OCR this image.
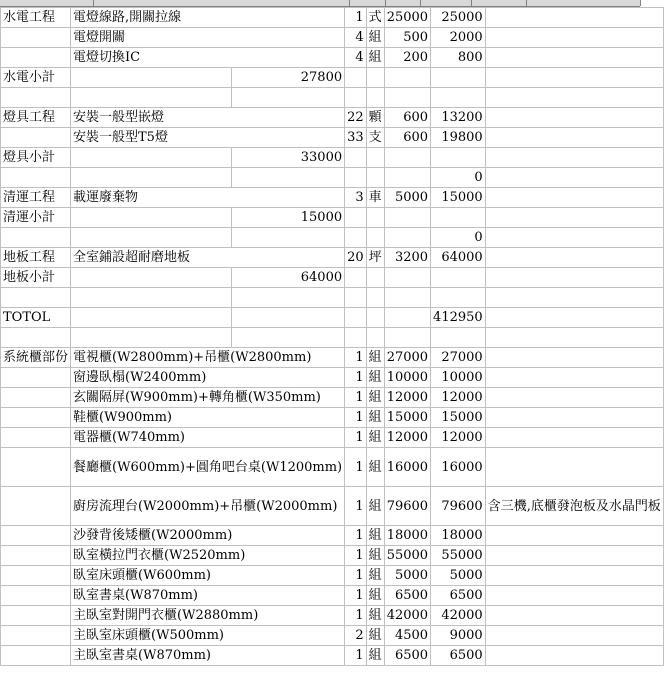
水電工程	電燈線路,開關拉線		1	式	25000	25000	
	電燈開關		4	組	500	2000	
	電燈切換IC		4	組	200	800	
水電小計		27800					

燈具工程	安裝一般型嵌燈		22	顆	600	13200	
	安裝一般型T5燈		33	支	600	19800	
燈具小計		33000					
						0	
清運工程	載運廢棄物		3	車	5000	15000	
清運小計		15000					
						0	
地板工程	全室鋪設超耐磨地板		20	坪	3200	64000	
地板小計		64000					

TOTOL						412950	

系統櫃部份	電視櫃(W2800mm)+吊櫃(W2800mm)		1	組	27000	27000	
	窗邊臥榻(W2400mm)		1	組	10000	10000	
	玄關隔屏(W900mm)+轉角櫃(W350mm)		1	組	12000	12000	
	鞋櫃(W900mm)		1	組	15000	15000	
	電器櫃(W740mm)		1	組	12000	12000	
	餐廳櫃(W600mm)+圓角吧台桌(W1200mm)		1	組	16000	16000	
	廚房流理台(W2000mm)+吊櫃(W2000mm)		1	組	79600	79600	含三機,底櫃發泡板及水晶門板
	沙發背後矮櫃(W2000mm)		1	組	18000	18000	
	臥室橫拉門衣櫃(W2520mm)		1	組	55000	55000	
	臥室床頭櫃(W600mm)		1	組	5000	5000	
	臥室書桌(W870mm)		1	組	6500	6500	
	主臥室對開門衣櫃(W2880mm)		1	組	42000	42000	
	主臥室床頭櫃(W500mm)		2	組	4500	9000	
	主臥室書桌(W870mm)		1	組	6500	6500	
